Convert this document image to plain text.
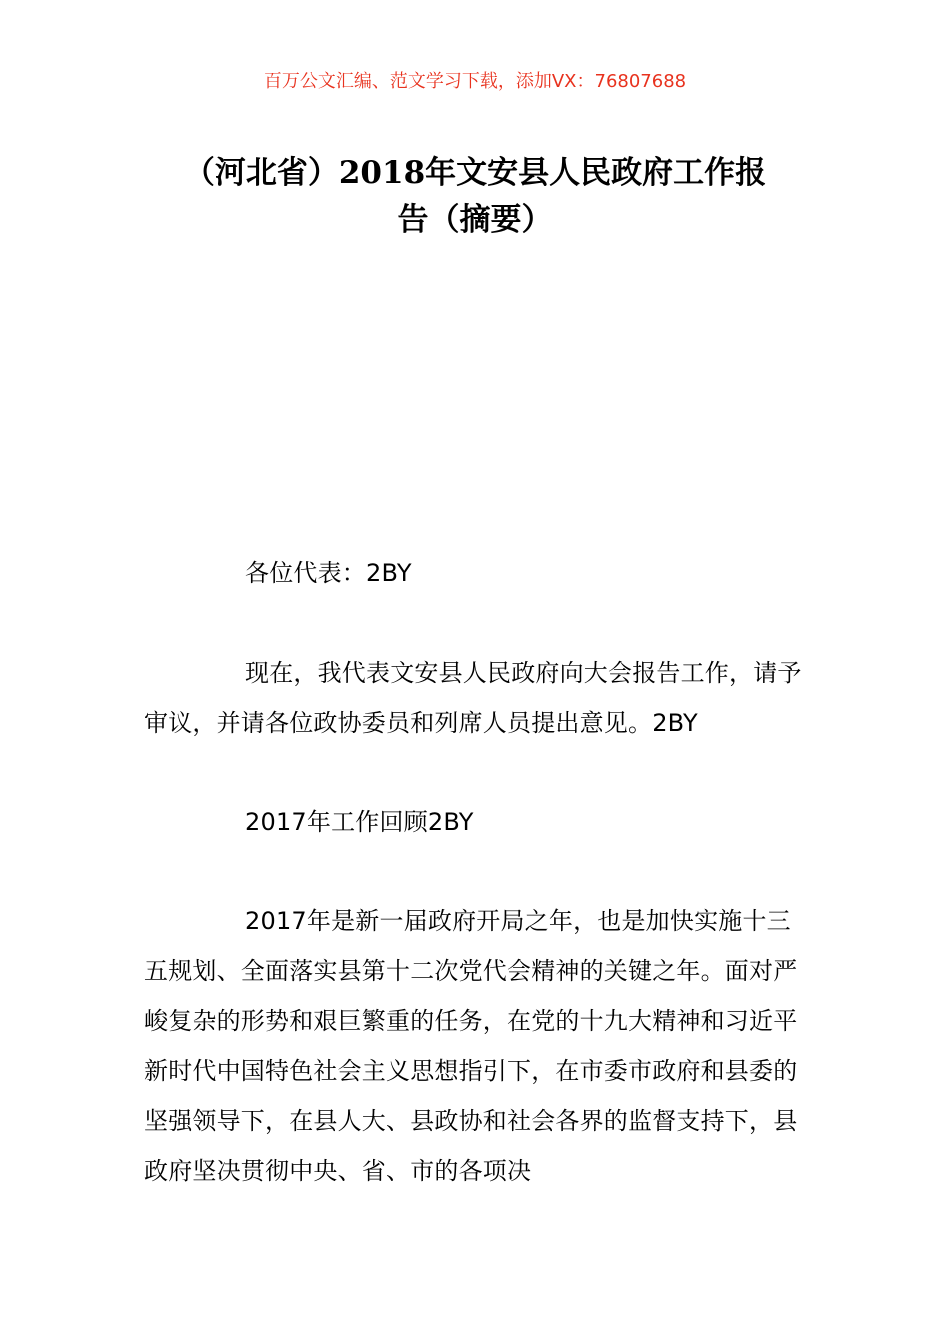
百万公文汇编、范文学习下载，添加VX：76807688
（河北省）2018年文安县人民政府工作报
告（摘要）

各位代表：2BY

现在，我代表文安县人民政府向大会报告工作，请予审议，并请各位政协委员和列席人员提出意见。2BY

2017年工作回顾2BY

2017年是新一届政府开局之年，也是加快实施十三五规划、全面落实县第十二次党代会精神的关键之年。面对严峻复杂的形势和艰巨繁重的任务，在党的十九大精神和习近平新时代中国特色社会主义思想指引下，在市委市政府和县委的坚强领导下，在县人大、县政协和社会各界的监督支持下，县政府坚决贯彻中央、省、市的各项决
